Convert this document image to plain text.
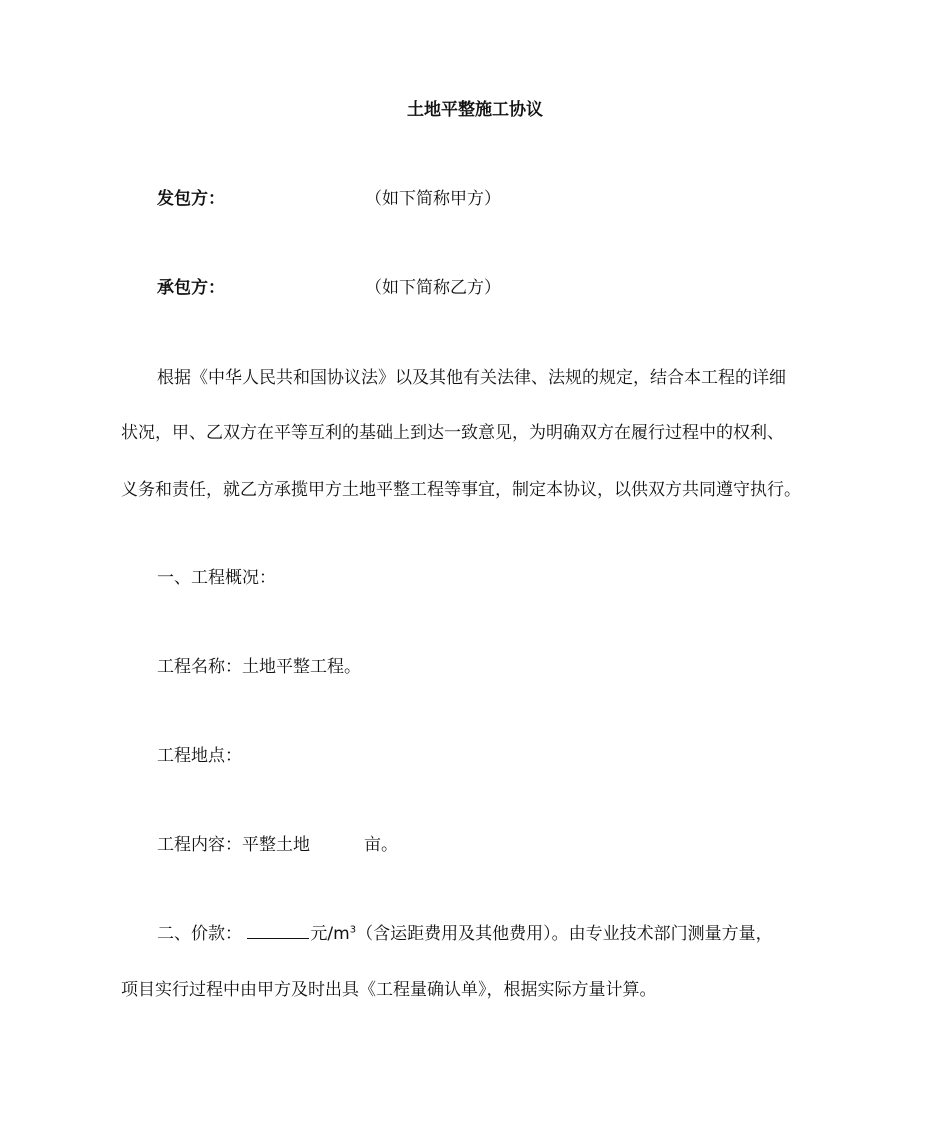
土地平整施工协议
发包方：	（如下简称甲方）
承包方：	（如下简称乙方）
根据《中华人民共和国协议法》以及其他有关法律、法规的规定，结合本工程的详细
状况，甲、乙双方在平等互利的基础上到达一致意见，为明确双方在履行过程中的权利、
义务和责任，就乙方承揽甲方土地平整工程等事宜，制定本协议，以供双方共同遵守执行。
一、工程概况：
工程名称：土地平整工程。
工程地点：
工程内容：平整土地	亩。
二、价款：	元$/m^3$（含运距费用及其他费用）。由专业技术部门测量方量，
项目实行过程中由甲方及时出具《工程量确认单》，根据实际方量计算。
